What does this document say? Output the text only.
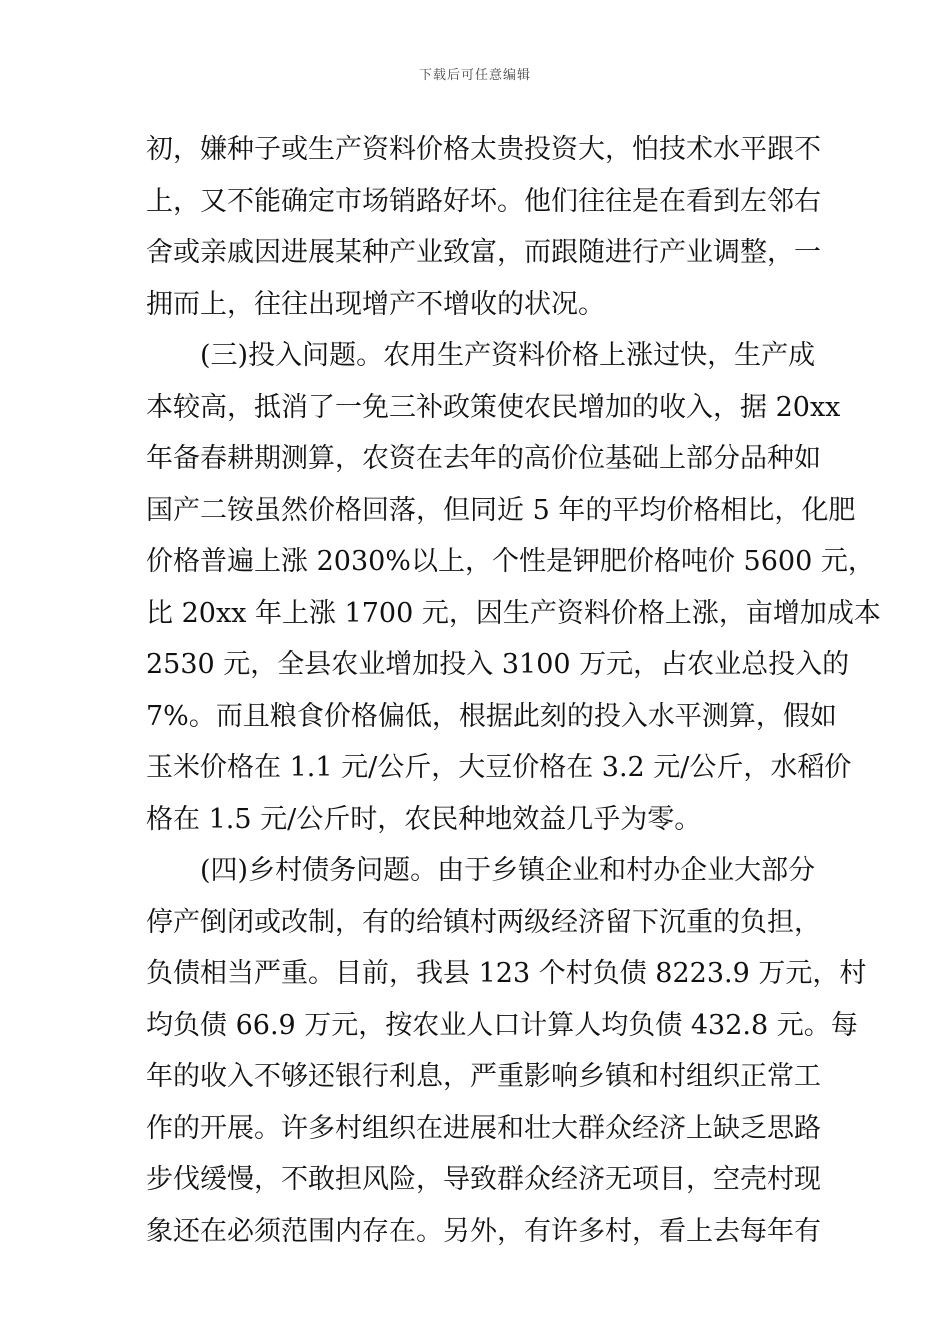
下载后可任意编辑
初，嫌种子或生产资料价格太贵投资大，怕技术水平跟不
上，又不能确定市场销路好坏。他们往往是在看到左邻右
舍或亲戚因进展某种产业致富，而跟随进行产业调整，一
拥而上，往往出现增产不增收的状况。
(三)投入问题。农用生产资料价格上涨过快，生产成
本较高，抵消了一免三补政策使农民增加的收入，据 20xx
年备春耕期测算，农资在去年的高价位基础上部分品种如
国产二铵虽然价格回落，但同近 5 年的平均价格相比，化肥
价格普遍上涨 2030%以上，个性是钾肥价格吨价 5600 元，
比 20xx 年上涨 1700 元，因生产资料价格上涨，亩增加成本
2530 元，全县农业增加投入 3100 万元，占农业总投入的
7%。而且粮食价格偏低，根据此刻的投入水平测算，假如
玉米价格在 1.1 元/公斤，大豆价格在 3.2 元/公斤，水稻价
格在 1.5 元/公斤时，农民种地效益几乎为零。
(四)乡村债务问题。由于乡镇企业和村办企业大部分
停产倒闭或改制，有的给镇村两级经济留下沉重的负担，
负债相当严重。目前，我县 123 个村负债 8223.9 万元，村
均负债 66.9 万元，按农业人口计算人均负债 432.8 元。每
年的收入不够还银行利息，严重影响乡镇和村组织正常工
作的开展。许多村组织在进展和壮大群众经济上缺乏思路
步伐缓慢，不敢担风险，导致群众经济无项目，空壳村现
象还在必须范围内存在。另外，有许多村，看上去每年有
